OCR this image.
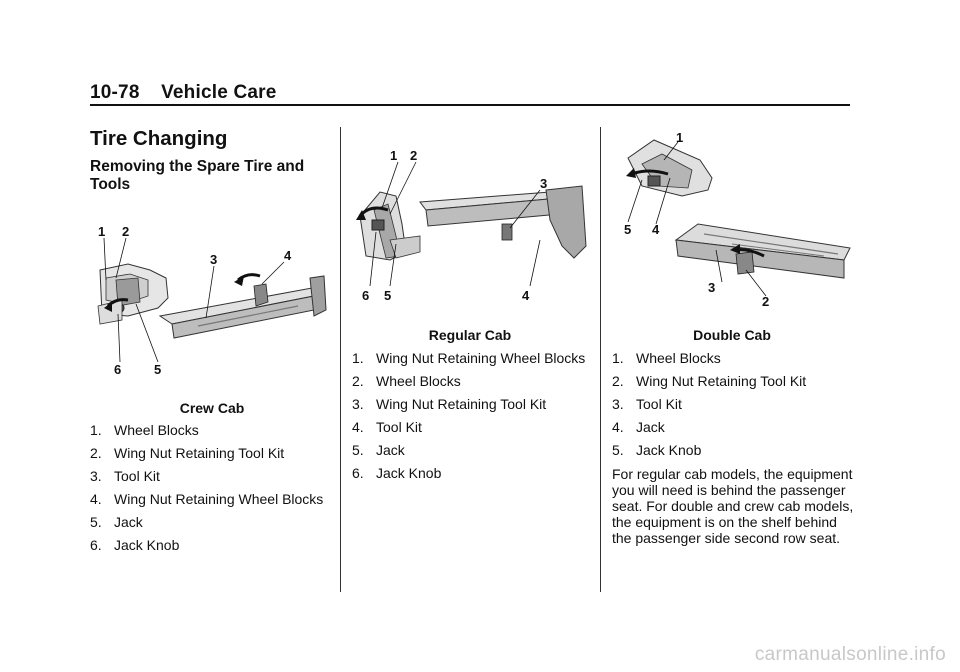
10-78 Vehicle Care
Tire Changing
Removing the Spare Tire and Tools
1 2
3	4
5
6
Crew Cab
1. Wheel Blocks
2. Wing Nut Retaining Tool Kit
3. Tool Kit
4. Wing Nut Retaining Wheel Blocks
5. Jack
6. Jack Knob
1 2
3
4
5
6
Regular Cab
1. Wing Nut Retaining Wheel Blocks
2. Wheel Blocks
3. Wing Nut Retaining Tool Kit
4. Tool Kit
5. Jack
6. Jack Knob
1
2
3
4
5
Double Cab
1. Wheel Blocks
2. Wing Nut Retaining Tool Kit
3. Tool Kit
4. Jack
5. Jack Knob

For regular cab models, the equipment you will need is behind the passenger seat. For double and crew cab models, the equipment is on the shelf behind the passenger side second row seat.

carmanualsonline.info
